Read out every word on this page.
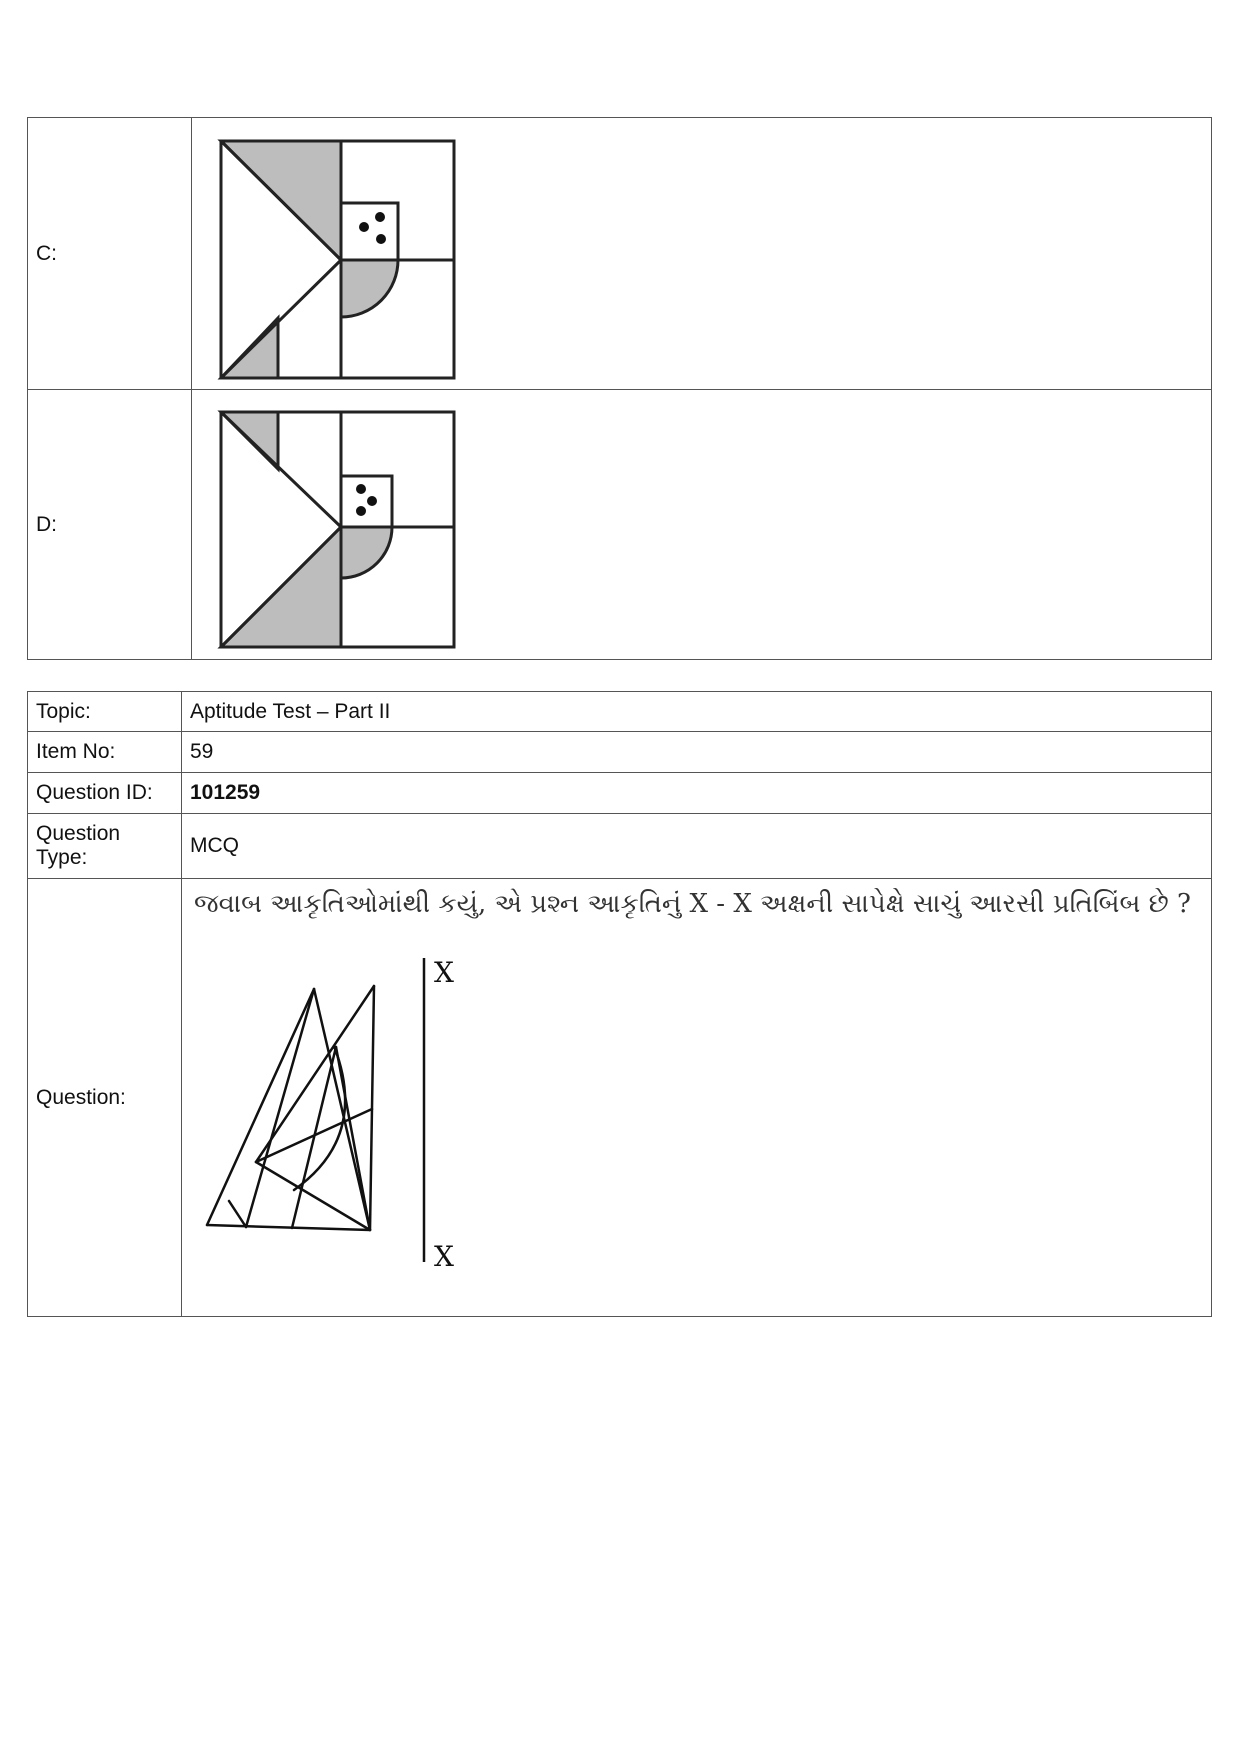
C:	

D:	
Topic:	Aptitude Test – Part II
Item No:	59
Question ID:	101259

Question
Type:	MCQ
Question:	જવાબ આકૃતિઓમાંથી કયું, એ પ્રશ્ન આકૃતિનું X - X અક્ષની સાપેક્ષે સાચું આરસી પ્રતિબિંબ છે ?
X
X
